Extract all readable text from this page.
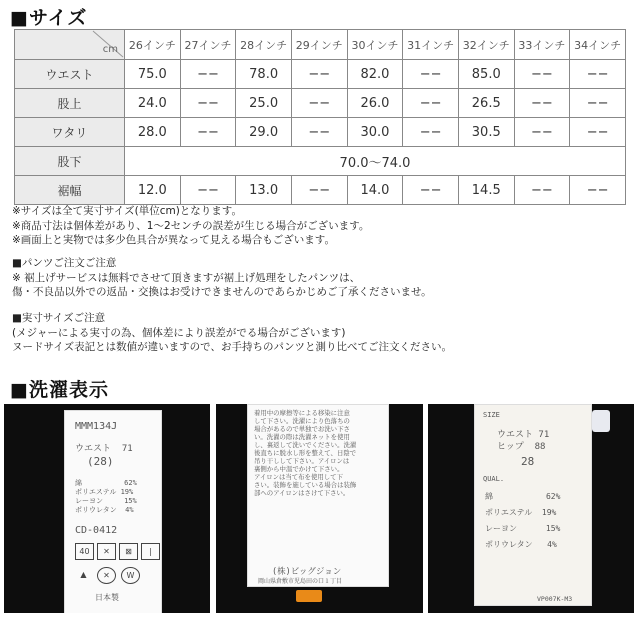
■サイズ
cm	26インチ	27インチ	28インチ	29インチ	30インチ	31インチ	32インチ	33インチ	34インチ
ウエスト	75.0	−−	78.0	−−	82.0	−−	85.0	−−	−−
股上	24.0	−−	25.0	−−	26.0	−−	26.5	−−	−−
ワタリ	28.0	−−	29.0	−−	30.0	−−	30.5	−−	−−
股下	70.0〜74.0								
裾幅	12.0	−−	13.0	−−	14.0	−−	14.5	−−	−−
※サイズは全て実寸サイズ(単位cm)となります。
※商品寸法は個体差があり、1〜2センチの誤差が生じる場合がございます。
※画面上と実物では多少色具合が異なって見える場合もございます。
■パンツご注文ご注意
※ 裾上げサービスは無料でさせて頂きますが裾上げ処理をしたパンツは、
傷・不良品以外での返品・交換はお受けできませんのであらかじめご了承くださいませ。
■実寸サイズご注意
(メジャーによる実寸の為、個体差により誤差がでる場合がございます)
ヌードサイズ表記とは数値が違いますので、お手持ちのパンツと測り比べてご注文ください。
■洗濯表示
MMM134J
ウエスト  71
(28)
綿          62%
ポリエステル 19%
レーヨン     15%
ポリウレタン  4%
CD-0412
40	✕	⊠	|
▲	✕	W
日本製
着用中の摩擦等による移染に注意
して下さい。洗濯により色落ちの
場合があるので単独でお洗い下さ
い。洗濯の際は洗濯ネットを使用
し、裏返して洗いでください。洗濯
後直ちに脱水し形を整えて、日陰で
吊り干しして下さい。アイロンは
裏側から中温でかけて下さい。
アイロンは当て布を使用して下
さい。装飾を施している場合は装飾
部へのアイロンはさけて下さい。
(株)ビッグジョン
岡山県倉敷市児島田の口１丁目
SIZE
ウエスト 71
ヒップ  88
28
QUAL.
綿           62%
ポリエステル  19%
レーヨン      15%
ポリウレタン   4%
VP007K-M3
